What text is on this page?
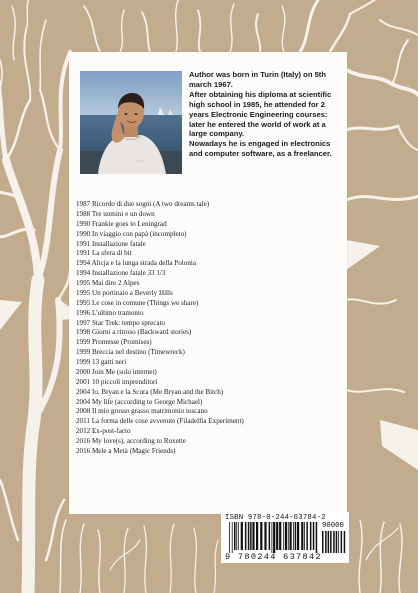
Author was born in Turin (Italy) on 5th march 1967.

After obtaining his diploma at scientific high school in 1985, he attended for 2 years Electronic Engineering courses: later he entered the world of work at a large company.

Nowadays he is engaged in electronics and computer software, as a freelancer.

1987 Ricordo di due sogni (A two dreams tale)
1988 Tre uomini e un down
1990 Frankie goes to Leningrad
1990 In viaggio con papà (incompleto)
1991 Installazione fatale
1991 La sfera di bit
1994 Alicja e la lunga strada della Polonia
1994 Installazione fatale 33 1/3
1995 Mai dire 2 Alpes
1995 Un portinaio a Beverly Hills
1995 Le cose in comune (Things we share)
1996 L'ultimo tramonto
1997 Star Trek: tempo sprecato
1998 Giorni a ritroso (Backward stories)
1999 Promesse (Promises)
1999 Breccia nel destino (Timewreck)
1999 13 gatti neri
2000 Join Me (solo internet)
2001 10 piccoli imprenditori
2004 Io, Bryan e la Scura (Me Bryan and the Bitch)
2004 My life (according to George Michael)
2008 Il mio grosso grasso matrimonio toscano
2011 La forma delle cose avvenute (Filadelfia Experiment)
2012 Ex-post-facto
2016 My love(s), according to Roxette
2016 Mele a Metà (Magic Friends)
ISBN 978-0-244-63784-2
90000
9 780244 637842
